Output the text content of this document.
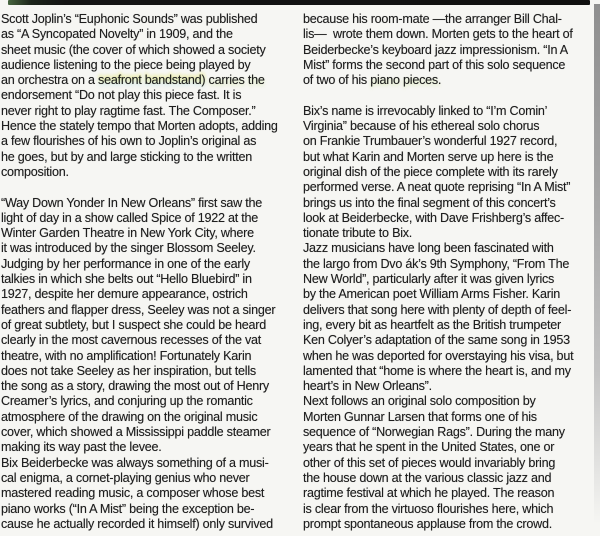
Scott Joplin’s “Euphonic Sounds” was published
as “A Syncopated Novelty” in 1909, and the
sheet music (the cover of which showed a society
audience listening to the piece being played by
an orchestra on a seafront bandstand) carries the
endorsement “Do not play this piece fast. It is
never right to play ragtime fast. The Composer.”
Hence the stately tempo that Morten adopts, adding
a few flourishes of his own to Joplin’s original as
he goes, but by and large sticking to the written
composition.

“Way Down Yonder In New Orleans” first saw the
light of day in a show called Spice of 1922 at the
Winter Garden Theatre in New York City, where
it was introduced by the singer Blossom Seeley.
Judging by her performance in one of the early
talkies in which she belts out “Hello Bluebird” in
1927, despite her demure appearance, ostrich
feathers and flapper dress, Seeley was not a singer
of great subtlety, but I suspect she could be heard
clearly in the most cavernous recesses of the vat
theatre, with no amplification! Fortunately Karin
does not take Seeley as her inspiration, but tells
the song as a story, drawing the most out of Henry
Creamer’s lyrics, and conjuring up the romantic
atmosphere of the drawing on the original music
cover, which showed a Mississippi paddle steamer
making its way past the levee.
Bix Beiderbecke was always something of a musi-
cal enigma, a cornet-playing genius who never
mastered reading music, a composer whose best
piano works (“In A Mist” being the exception be-
cause he actually recorded it himself) only survived
because his room-mate —the arranger Bill Chal-
lis—  wrote them down. Morten gets to the heart of
Beiderbecke’s keyboard jazz impressionism. “In A
Mist” forms the second part of this solo sequence
of two of his piano pieces.

Bix’s name is irrevocably linked to “I’m Comin’
Virginia” because of his ethereal solo chorus
on Frankie Trumbauer’s wonderful 1927 record,
but what Karin and Morten serve up here is the
original dish of the piece complete with its rarely
performed verse. A neat quote reprising “In A Mist”
brings us into the final segment of this concert’s
look at Beiderbecke, with Dave Frishberg’s affec-
tionate tribute to Bix.
Jazz musicians have long been fascinated with
the largo from Dvo ák’s 9th Symphony, “From The
New World”, particularly after it was given lyrics
by the American poet William Arms Fisher. Karin
delivers that song here with plenty of depth of feel-
ing, every bit as heartfelt as the British trumpeter
Ken Colyer’s adaptation of the same song in 1953
when he was deported for overstaying his visa, but
lamented that “home is where the heart is, and my
heart’s in New Orleans”.
Next follows an original solo composition by
Morten Gunnar Larsen that forms one of his
sequence of “Norwegian Rags”. During the many
years that he spent in the United States, one or
other of this set of pieces would invariably bring
the house down at the various classic jazz and
ragtime festival at which he played. The reason
is clear from the virtuoso flourishes here, which
prompt spontaneous applause from the crowd.
